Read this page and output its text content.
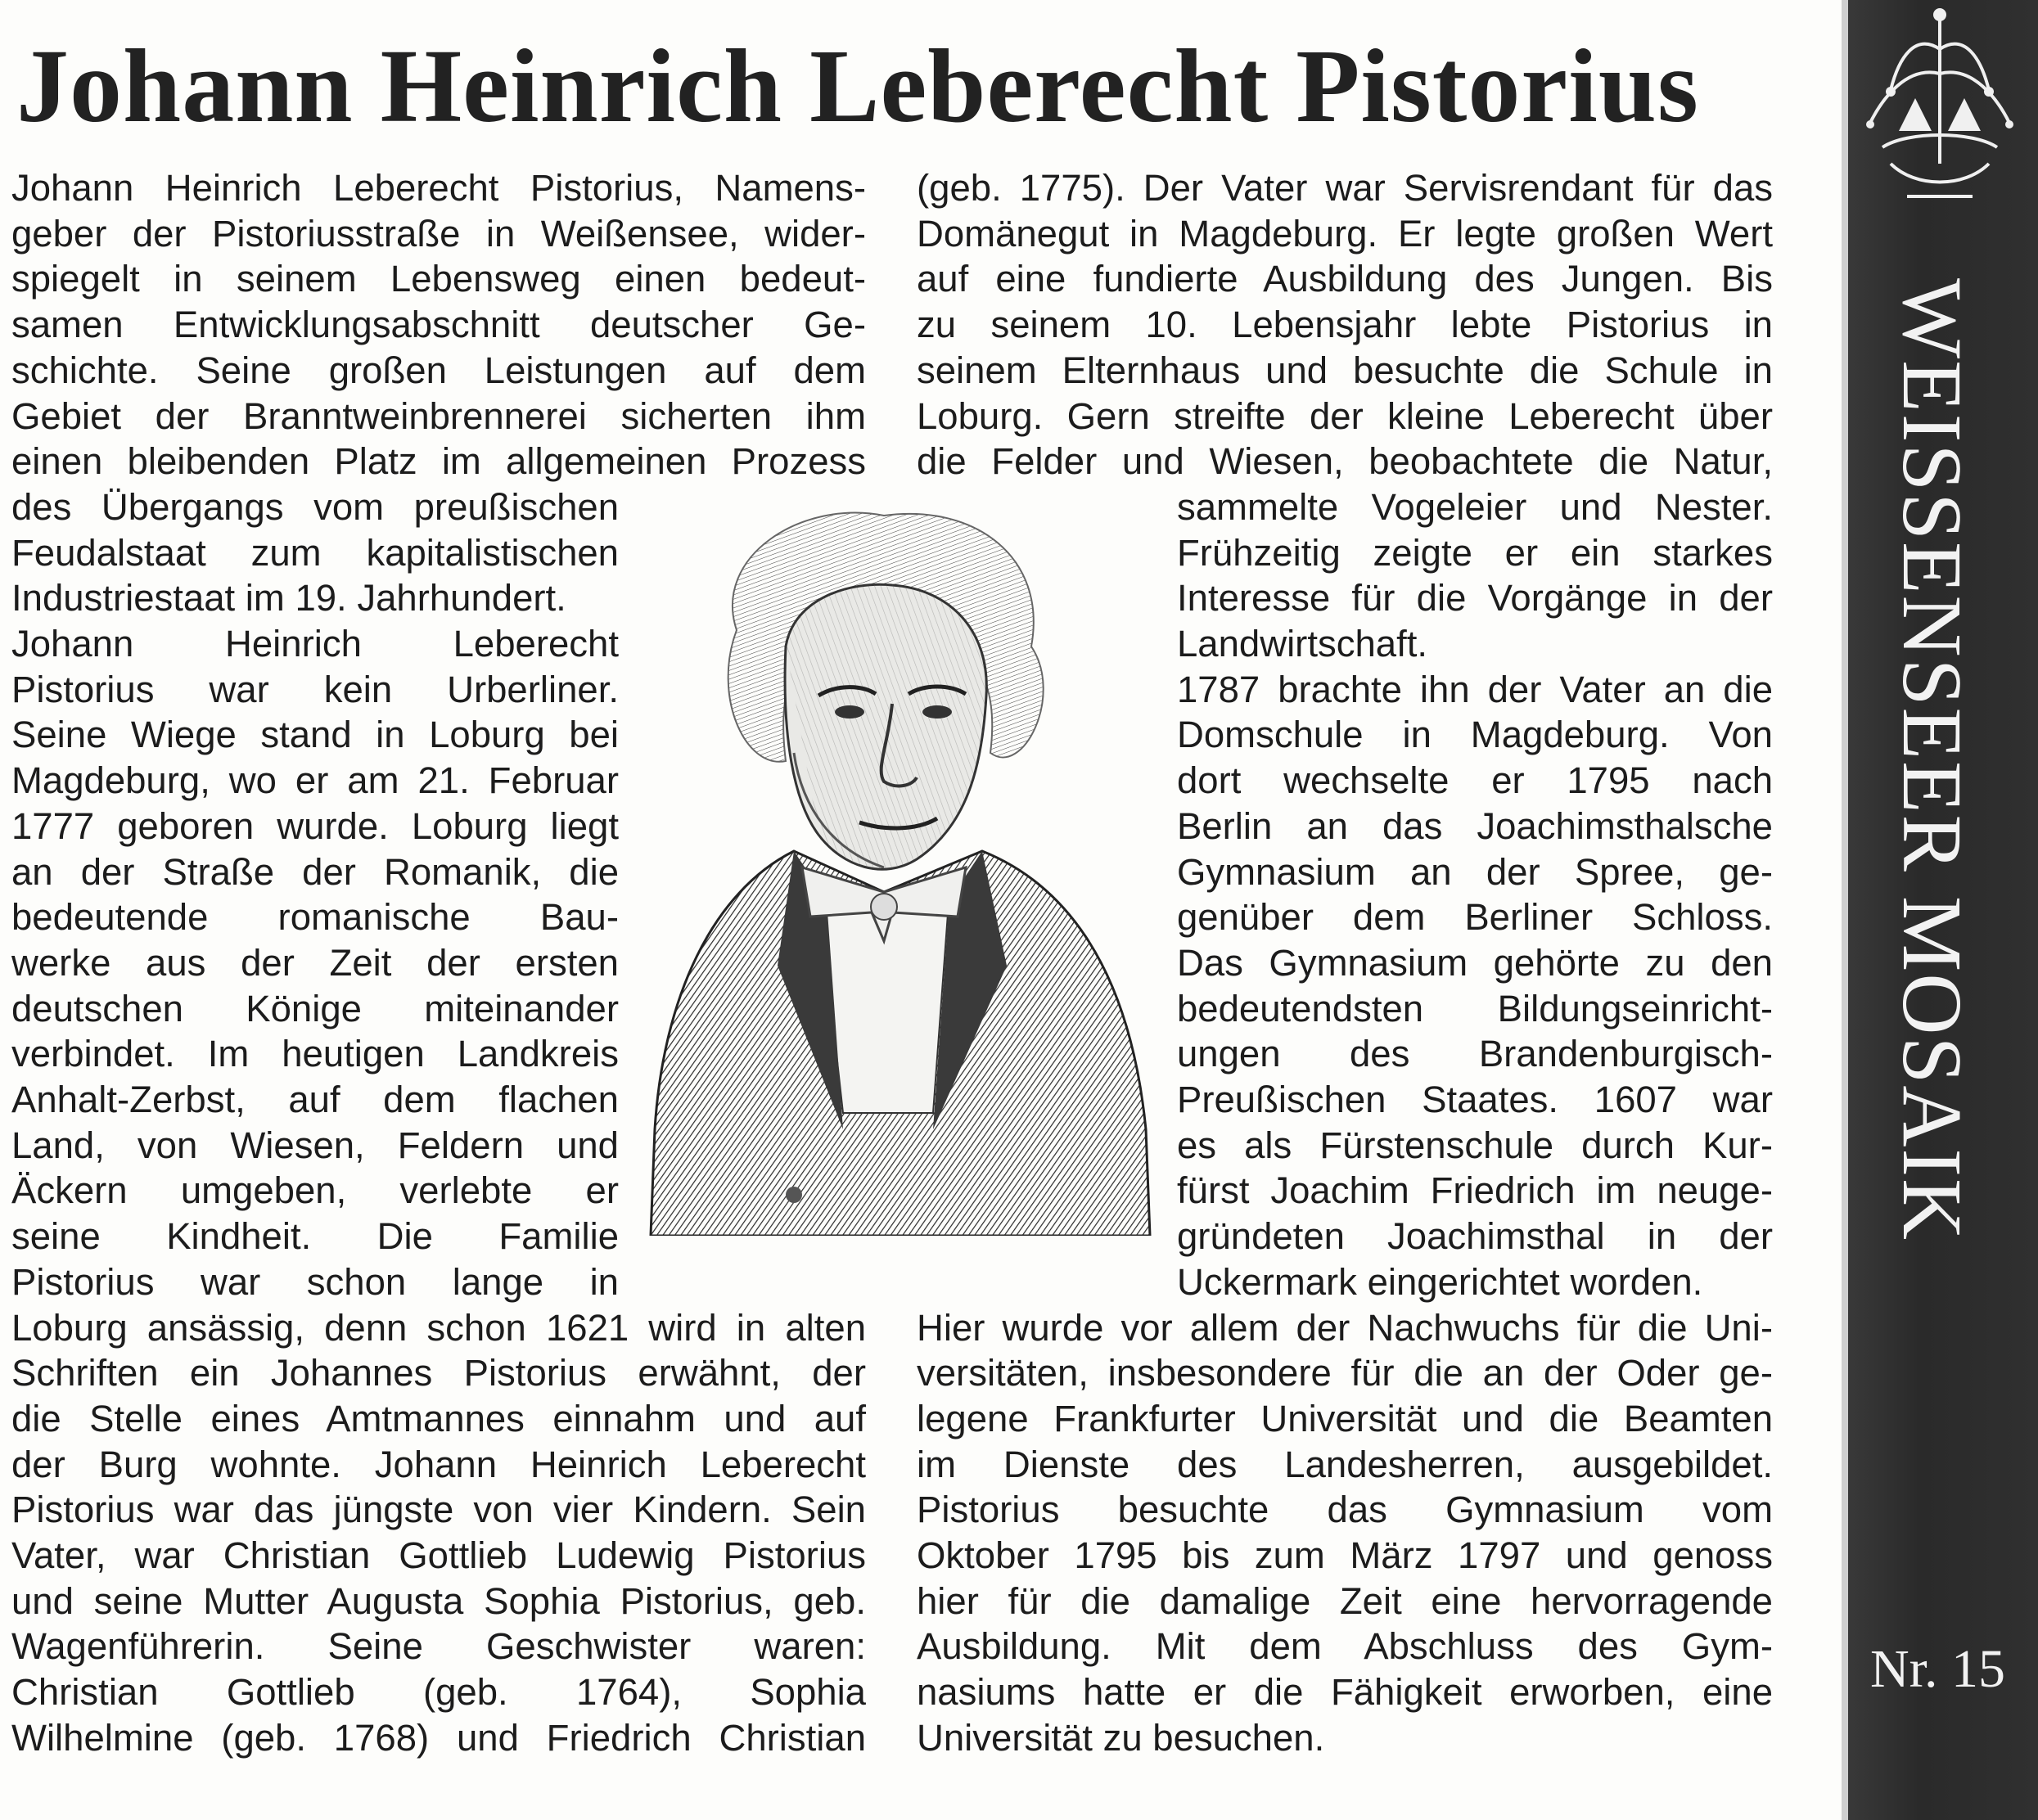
Johann Heinrich Leberecht Pistorius
Johann Heinrich Leberecht Pistorius, Namens-
geber der Pistoriusstraße in Weißensee, wider-
spiegelt in seinem Lebensweg einen bedeut-
samen Entwicklungsabschnitt deutscher Ge-
schichte. Seine großen Leistungen auf dem
Gebiet der Branntweinbrennerei sicherten ihm
einen bleibenden Platz im allgemeinen Prozess
des Übergangs vom preußischen
Feudalstaat zum kapitalistischen
Industriestaat im 19. Jahrhundert.
Johann Heinrich Leberecht
Pistorius war kein Urberliner.
Seine Wiege stand in Loburg bei
Magdeburg, wo er am 21. Februar
1777 geboren wurde. Loburg liegt
an der Straße der Romanik, die
bedeutende romanische Bau-
werke aus der Zeit der ersten
deutschen Könige miteinander
verbindet. Im heutigen Landkreis
Anhalt-Zerbst, auf dem flachen
Land, von Wiesen, Feldern und
Äckern umgeben, verlebte er
seine Kindheit. Die Familie
Pistorius war schon lange in
Loburg ansässig, denn schon 1621 wird in alten
Schriften ein Johannes Pistorius erwähnt, der
die Stelle eines Amtmannes einnahm und auf
der Burg wohnte. Johann Heinrich Leberecht
Pistorius war das jüngste von vier Kindern. Sein
Vater, war Christian Gottlieb Ludewig Pistorius
und seine Mutter Augusta Sophia Pistorius, geb.
Wagenführerin. Seine Geschwister waren:
Christian Gottlieb (geb. 1764), Sophia
Wilhelmine (geb. 1768) und Friedrich Christian
(geb. 1775). Der Vater war Servisrendant für das
Domänegut in Magdeburg. Er legte großen Wert
auf eine fundierte Ausbildung des Jungen. Bis
zu seinem 10. Lebensjahr lebte Pistorius in
seinem Elternhaus und besuchte die Schule in
Loburg. Gern streifte der kleine Leberecht über
die Felder und Wiesen, beobachtete die Natur,
sammelte Vogeleier und Nester.
Frühzeitig zeigte er ein starkes
Interesse für die Vorgänge in der
Landwirtschaft.
1787 brachte ihn der Vater an die
Domschule in Magdeburg. Von
dort wechselte er 1795 nach
Berlin an das Joachimsthalsche
Gymnasium an der Spree, ge-
genüber dem Berliner Schloss.
Das Gymnasium gehörte zu den
bedeutendsten Bildungseinricht-
ungen des Brandenburgisch-
Preußischen Staates. 1607 war
es als Fürstenschule durch Kur-
fürst Joachim Friedrich im neuge-
gründeten Joachimsthal in der
Uckermark eingerichtet worden.
Hier wurde vor allem der Nachwuchs für die Uni-
versitäten, insbesondere für die an der Oder ge-
legene Frankfurter Universität und die Beamten
im Dienste des Landesherren, ausgebildet.
Pistorius besuchte das Gymnasium vom
Oktober 1795 bis zum März 1797 und genoss
hier für die damalige Zeit eine hervorragende
Ausbildung. Mit dem Abschluss des Gym-
nasiums hatte er die Fähigkeit erworben, eine
Universität zu besuchen.
WEISSENSEER MOSAIK
Nr. 15
